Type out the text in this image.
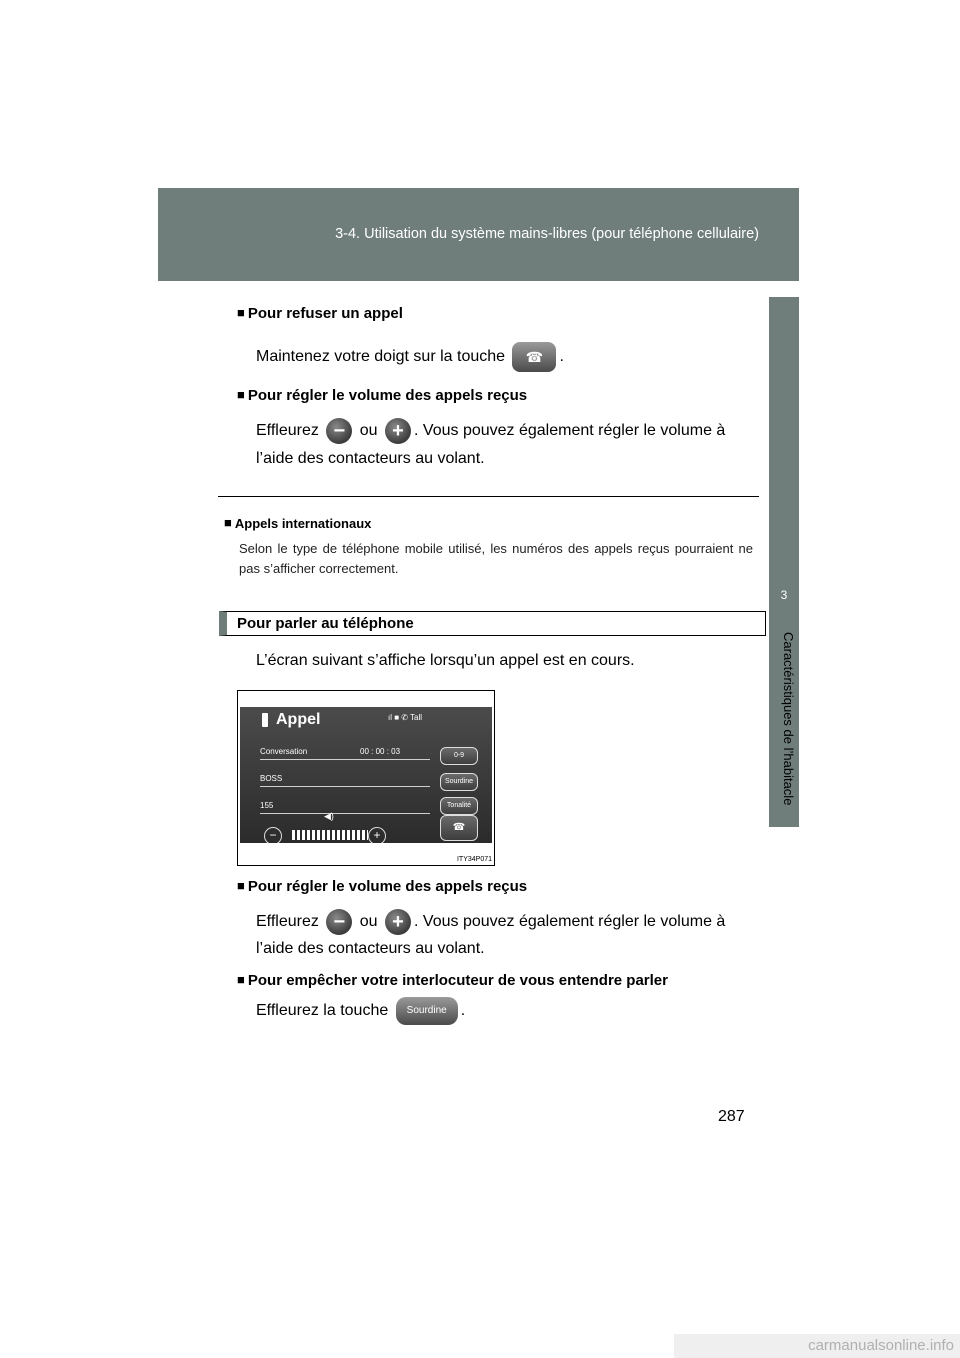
3-4. Utilisation du système mains-libres (pour téléphone cellulaire)
3
Caractéristiques de l’habitacle
■ Pour refuser un appel
Maintenez votre doigt sur la touche ☎ .
■ Pour régler le volume des appels reçus
Effleurez − ou + . Vous pouvez également régler le volume à
l’aide des contacteurs au volant.
■ Appels internationaux
Selon le type de téléphone mobile utilisé, les numéros des appels reçus pourraient ne pas s’afficher correctement.
Pour parler au téléphone
L’écran suivant s’affiche lorsqu’un appel est en cours.
Appel	ıl ■ ✆ Tall
Conversation	00 : 00 : 03
BOSS
155
0-9
Sourdine
Tonalité
☎
◀)
−	+
ITY34P071
■ Pour régler le volume des appels reçus
Effleurez − ou + . Vous pouvez également régler le volume à
l’aide des contacteurs au volant.
■ Pour empêcher votre interlocuteur de vous entendre parler
Effleurez la touche Sourdine .
287
carmanualsonline.info
